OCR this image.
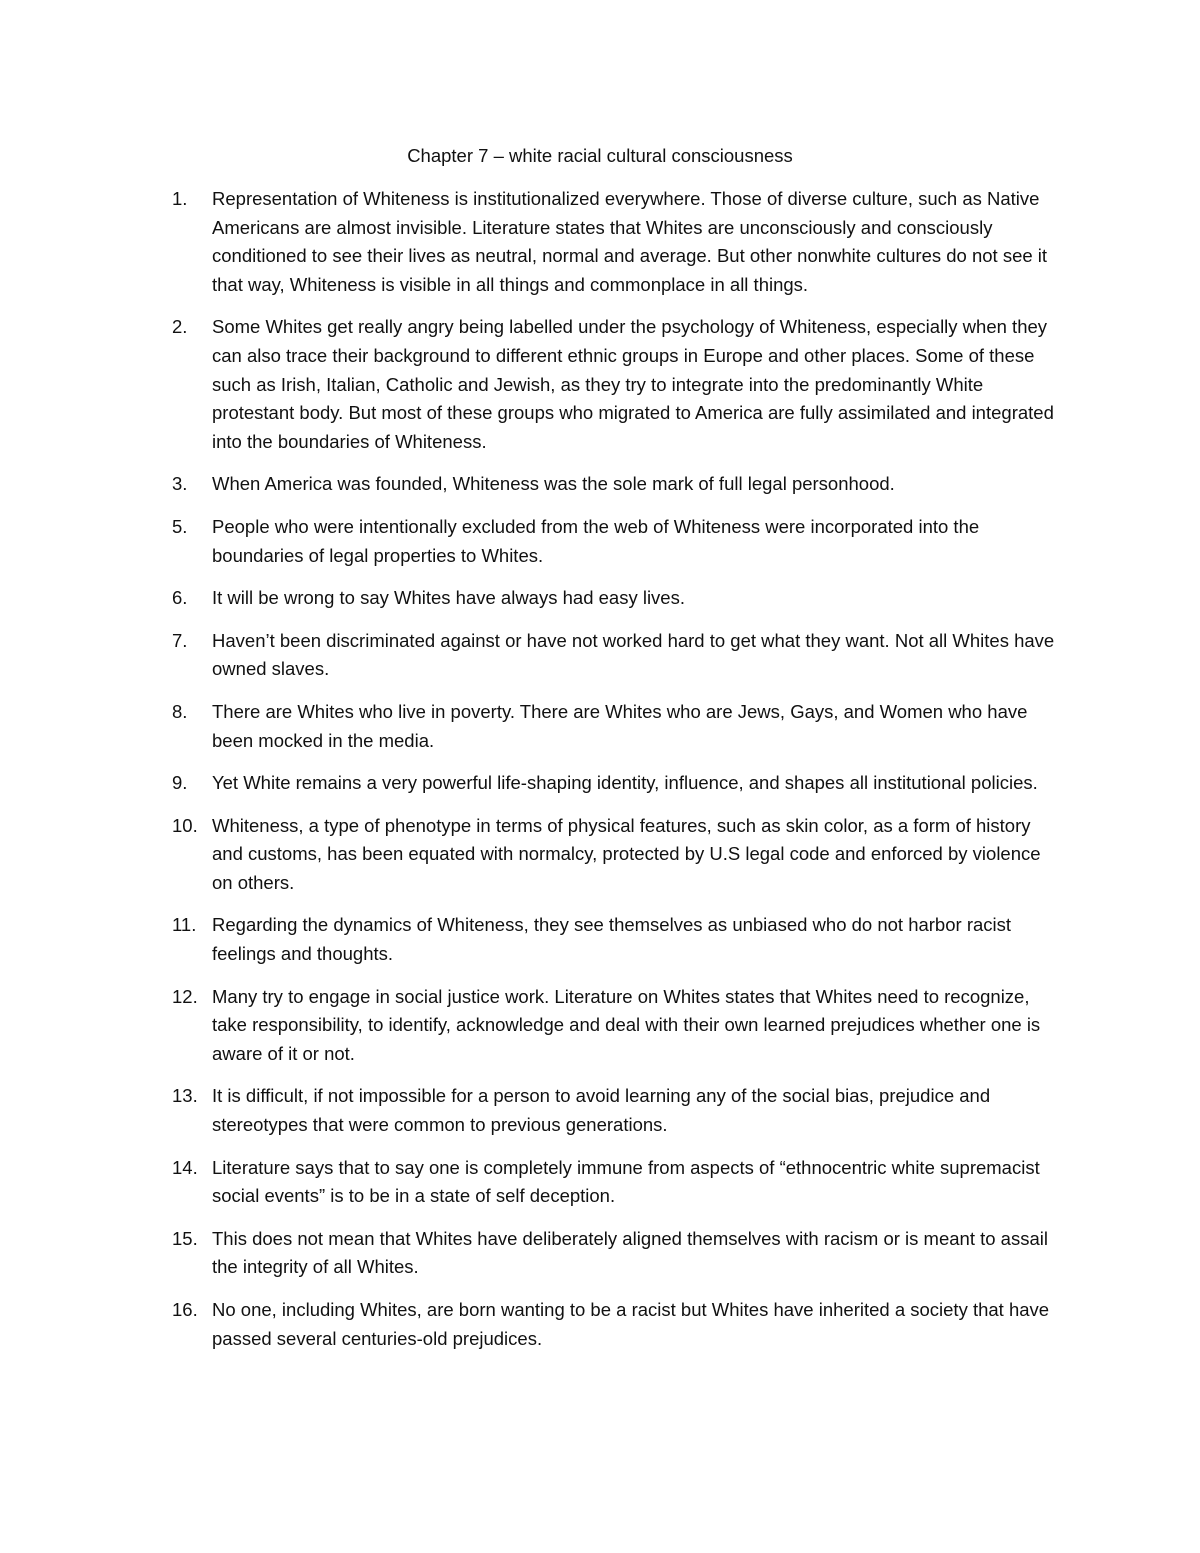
Chapter 7 – white racial cultural consciousness
1.	Representation of Whiteness is institutionalized everywhere. Those of diverse culture, such as Native Americans are almost invisible. Literature states that Whites are unconsciously and consciously conditioned to see their lives as neutral, normal and average. But other nonwhite cultures do not see it that way, Whiteness is visible in all things and commonplace in all things.
2.	Some Whites get really angry being labelled under the psychology of Whiteness, especially when they can also trace their background to different ethnic groups in Europe and other places. Some of these such as Irish, Italian, Catholic and Jewish, as they try to integrate into the predominantly White protestant body. But most of these groups who migrated to America are fully assimilated and integrated into the boundaries of Whiteness.
3.	When America was founded, Whiteness was the sole mark of full legal personhood.
5.	People who were intentionally excluded from the web of Whiteness were incorporated into the boundaries of legal properties to Whites.
6.	It will be wrong to say Whites have always had easy lives.
7.	Haven’t been discriminated against or have not worked hard to get what they want. Not all Whites have owned slaves.
8.	There are Whites who live in poverty. There are Whites who are Jews, Gays, and Women who have been mocked in the media.
9.	Yet White remains a very powerful life-shaping identity, influence, and shapes all institutional policies.
10. Whiteness, a type of phenotype in terms of physical features, such as skin color, as a form of history and customs, has been equated with normalcy, protected by U.S legal code and enforced by violence on others.
11. Regarding the dynamics of Whiteness, they see themselves as unbiased who do not harbor racist feelings and thoughts.
12. Many try to engage in social justice work. Literature on Whites states that Whites need to recognize, take responsibility, to identify, acknowledge and deal with their own learned prejudices whether one is aware of it or not.
13. It is difficult, if not impossible for a person to avoid learning any of the social bias, prejudice and stereotypes that were common to previous generations.
14. Literature says that to say one is completely immune from aspects of “ethnocentric white supremacist social events” is to be in a state of self deception.
15. This does not mean that Whites have deliberately aligned themselves with racism or is meant to assail the integrity of all Whites.
16. No one, including Whites, are born wanting to be a racist but Whites have inherited a society that have passed several centuries-old prejudices.
